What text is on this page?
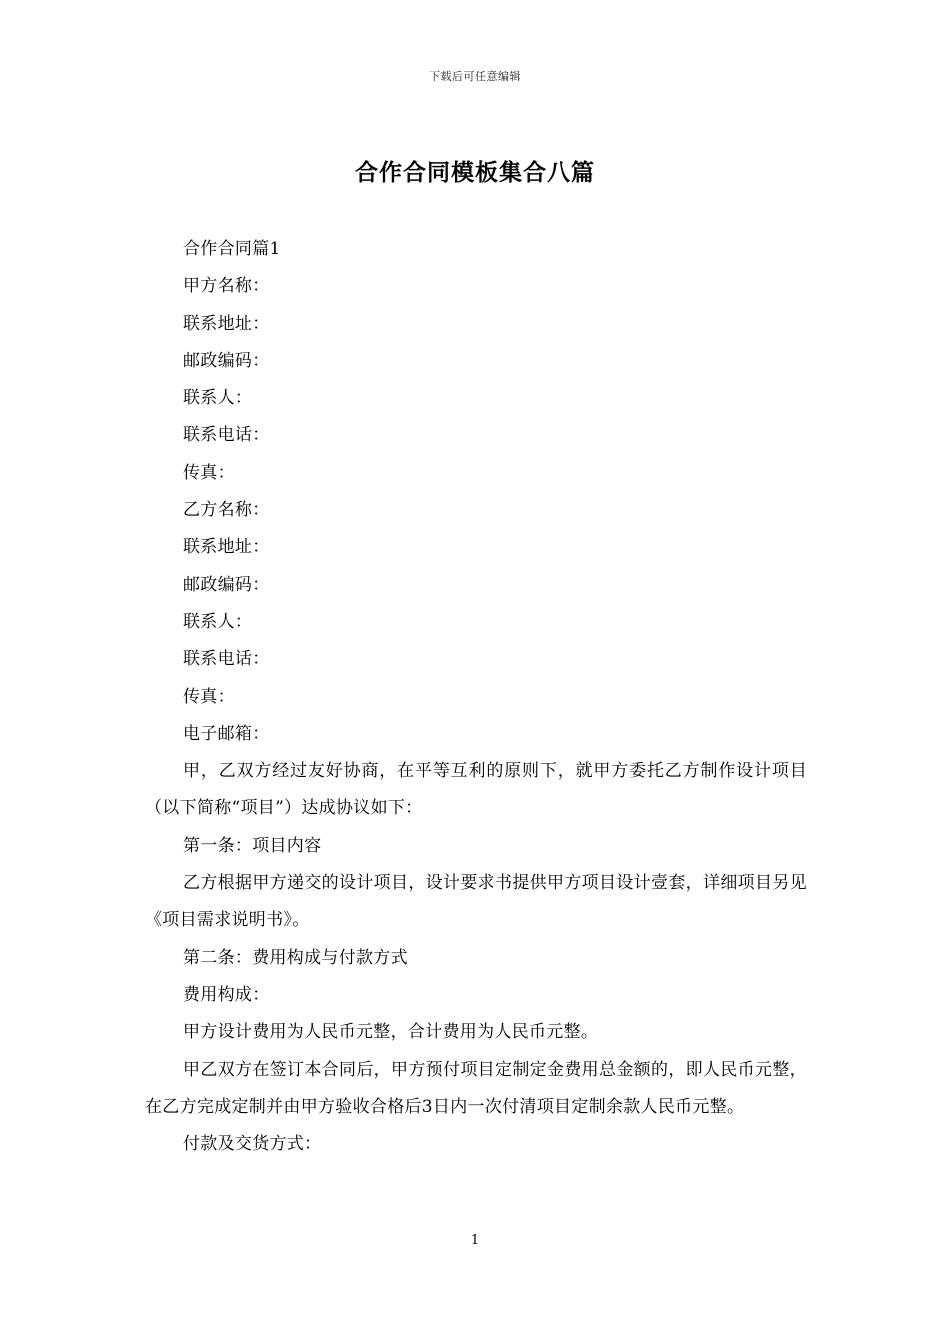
下载后可任意编辑
合作合同模板集合八篇

合作合同篇1

甲方名称：

联系地址：

邮政编码：

联系人：

联系电话：

传真：

乙方名称：

联系地址：

邮政编码：

联系人：

联系电话：

传真：

电子邮箱：

甲，乙双方经过友好协商，在平等互利的原则下，就甲方委托乙方制作设计项目（以下简称“项目”）达成协议如下：

第一条：项目内容

乙方根据甲方递交的设计项目，设计要求书提供甲方项目设计壹套，详细项目另见《项目需求说明书》。

第二条：费用构成与付款方式

费用构成：

甲方设计费用为人民币元整，合计费用为人民币元整。

甲乙双方在签订本合同后，甲方预付项目定制定金费用总金额的，即人民币元整，在乙方完成定制并由甲方验收合格后3日内一次付清项目定制余款人民币元整。

付款及交货方式：

1
